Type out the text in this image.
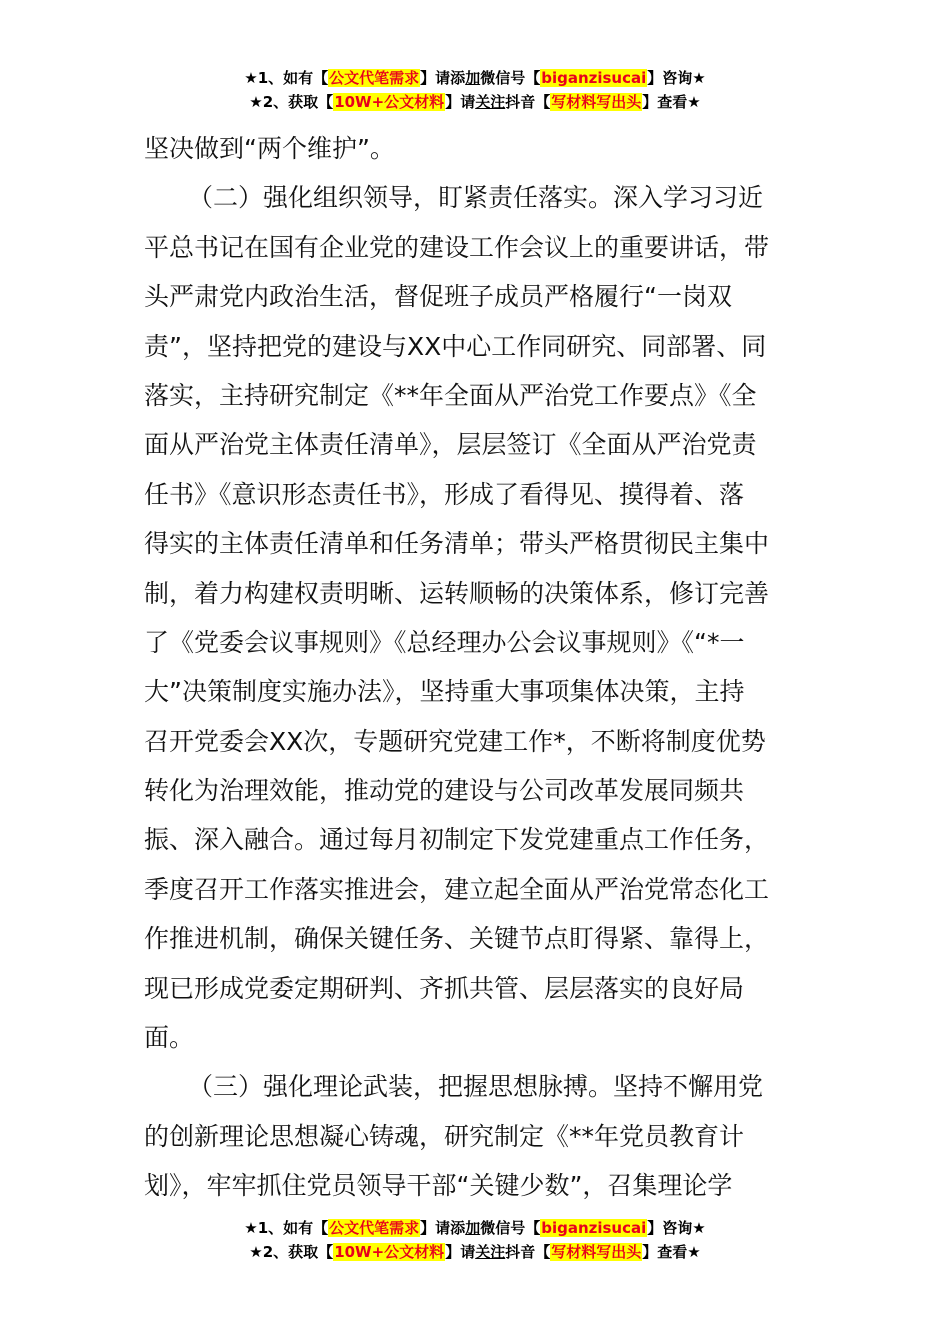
★1、如有【公文代笔需求】请添加微信号【biganzisucai】咨询★
★2、获取【10W+公文材料】请关注抖音【写材料写出头】查看★
坚决做到“两个维护”。
（二）强化组织领导，盯紧责任落实。深入学习习近
平总书记在国有企业党的建设工作会议上的重要讲话，带
头严肃党内政治生活，督促班子成员严格履行“一岗双
责”，坚持把党的建设与XX中心工作同研究、同部署、同
落实，主持研究制定《**年全面从严治党工作要点》《全
面从严治党主体责任清单》，层层签订《全面从严治党责
任书》《意识形态责任书》，形成了看得见、摸得着、落
得实的主体责任清单和任务清单；带头严格贯彻民主集中
制，着力构建权责明晰、运转顺畅的决策体系，修订完善
了《党委会议事规则》《总经理办公会议事规则》《“*一
大”决策制度实施办法》，坚持重大事项集体决策，主持
召开党委会XX次，专题研究党建工作*，不断将制度优势
转化为治理效能，推动党的建设与公司改革发展同频共
振、深入融合。通过每月初制定下发党建重点工作任务，
季度召开工作落实推进会，建立起全面从严治党常态化工
作推进机制，确保关键任务、关键节点盯得紧、靠得上，
现已形成党委定期研判、齐抓共管、层层落实的良好局
面。
（三）强化理论武装，把握思想脉搏。坚持不懈用党
的创新理论思想凝心铸魂，研究制定《**年党员教育计
划》，牢牢抓住党员领导干部“关键少数”，召集理论学
★1、如有【公文代笔需求】请添加微信号【biganzisucai】咨询★
★2、获取【10W+公文材料】请关注抖音【写材料写出头】查看★
